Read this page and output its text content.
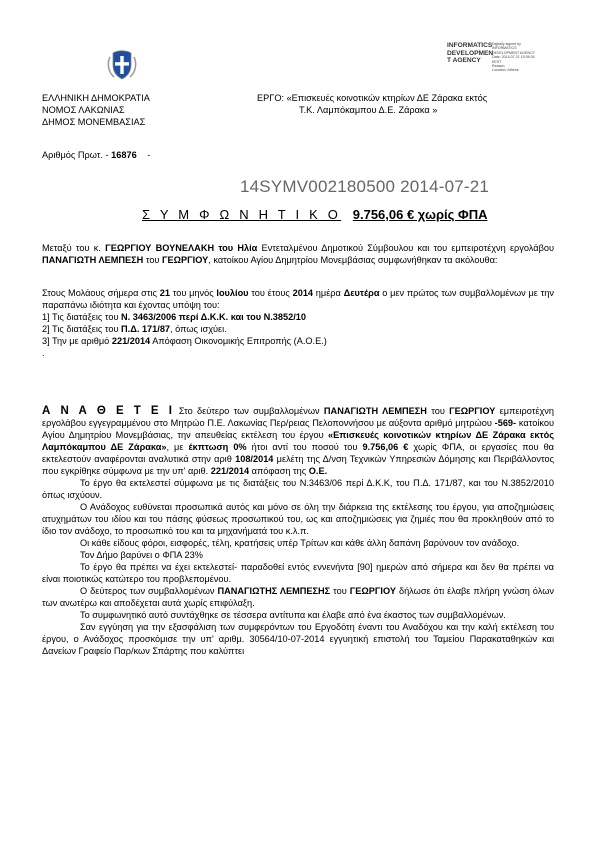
INFORMATICS DEVELOPMEN T AGENCY
Digitally signed by
INFORMATICS
DEVELOPMENT AGENCY
Date: 2014.07.21 15:36:34
EEST
Reason:
Location: Athens
ΕΛΛΗΝΙΚΗ ΔΗΜΟΚΡΑΤΙΑ
ΝΟΜΟΣ ΛΑΚΩΝΙΑΣ
ΔΗΜΟΣ ΜΟΝΕΜΒΑΣΙΑΣ
ΕΡΓΟ: «Επισκευές κοινοτικών κτηρίων ΔΕ Ζάρακα εκτός
Τ.Κ. Λαμπόκαμπου Δ.Ε. Ζάρακα »
Αριθμός Πρωτ. - 16876 -
14SYMV002180500 2014-07-21
Σ Υ Μ Φ Ω Ν Η Τ Ι Κ Ο 9.756,06 € χωρίς ΦΠΑ

Μεταξύ του κ. ΓΕΩΡΓΙΟΥ ΒΟΥΝΕΛΑΚΗ του Ηλία Εντεταλμένου Δημοτικού Σύμβουλου και του εμπειροτέχνη εργολάβου ΠΑΝΑΓΙΩΤΗ ΛΕΜΠΕΣΗ του ΓΕΩΡΓΙΟΥ, κατοίκου Αγίου Δημητρίου Μονεμβάσιας συμφωνήθηκαν τα ακόλουθα:

Στους Μολάους σήμερα στις 21 του μηνός Ιουλίου του έτους 2014 ημέρα Δευτέρα ο μεν πρώτος των συμβαλλομένων με την παραπάνω ιδιότητα και έχοντας υπόψη του:

1] Τις διατάξεις του Ν. 3463/2006 περί Δ.Κ.Κ. και του Ν.3852/10

2] Τις διατάξεις του Π.Δ. 171/87, όπως ισχύει.

3] Την με αριθμό 221/2014 Απόφαση Οικονομικής Επιτροπής (Α.Ο.Ε.)

.

Α Ν Α Θ Ε Τ Ε Ι Στο δεύτερο των συμβαλλομένων ΠΑΝΑΓΙΩΤΗ ΛΕΜΠΕΣΗ του ΓΕΩΡΓΙΟΥ εμπειροτέχνη εργολάβου εγγεγραμμένου στο Μητρώο Π.Ε. Λακωνίας Περ/ρειας Πελοποννήσου με αύξοντα αριθμό μητρώου -569- κατοίκου Αγίου Δημητρίου Μονεμβάσιας, την απευθείας εκτέλεση του έργου «Επισκευές κοινοτικών κτηρίων ΔΕ Ζάρακα εκτός Λαμπόκαμπου ΔΕ Ζάρακα», με έκπτωση 0% ήτοι αντί του ποσού του 9.756,06 € χωρίς ΦΠΑ, οι εργασίες που θα εκτελεστούν αναφέρονται αναλυτικά στην αριθ 108/2014 μελέτη της Δ/νση Τεχνικών Υπηρεσιών Δόμησης και Περιβάλλοντος που εγκρίθηκε σύμφωνα με την υπ' αριθ. 221/2014 απόφαση της Ο.Ε.

Το έργο θα εκτελεστεί σύμφωνα με τις διατάξεις του Ν.3463/06 περί Δ.Κ.Κ, του Π.Δ. 171/87, και του Ν.3852/2010 όπως ισχύουν.

Ο Ανάδοχος ευθύνεται προσωπικά αυτός και μόνο σε όλη την διάρκεια της εκτέλεσης του έργου, για αποζημιώσεις ατυχημάτων του ιδίου και του πάσης φύσεως προσωπικού του, ως και αποζημιώσεις για ζημιές που θα προκληθούν από το ίδιο τον ανάδοχο, το προσωπικό του και τα μηχανήματά του κ.λ.π.

Οι κάθε είδους φόροι, εισφορές, τέλη, κρατήσεις υπέρ Τρίτων και κάθε άλλη δαπάνη βαρύνουν τον ανάδοχο.

Τον Δήμο βαρύνει ο ΦΠΑ 23%

Το έργο θα πρέπει να έχει εκτελεστεί- παραδοθεί εντός εννενήντα [90] ημερών από σήμερα και δεν θα πρέπει να είναι ποιοτικώς κατώτερο του προβλεπομένου.

Ο δεύτερος των συμβαλλομένων ΠΑΝΑΓΙΩΤΗΣ ΛΕΜΠΕΣΗΣ του ΓΕΩΡΓΙΟΥ δήλωσε ότι έλαβε πλήρη γνώση όλων των ανωτέρω και αποδέχεται αυτά χωρίς επιφύλαξη.

Το συμφωνητικό αυτό συντάχθηκε σε τέσσερα αντίτυπα και έλαβε από ένα έκαστος των συμβαλλομένων.

Σαν εγγύηση για την εξασφάλιση των συμφερόντων του Εργοδότη έναντι του Αναδόχου και την καλή εκτέλεση του έργου, ο Ανάδοχος προσκόμισε την υπ' αριθμ. 30564/10-07-2014 εγγυητική επιστολή του Ταμείου Παρακαταθηκών και Δανείων Γραφείο Παρ/κων Σπάρτης που καλύπτει
